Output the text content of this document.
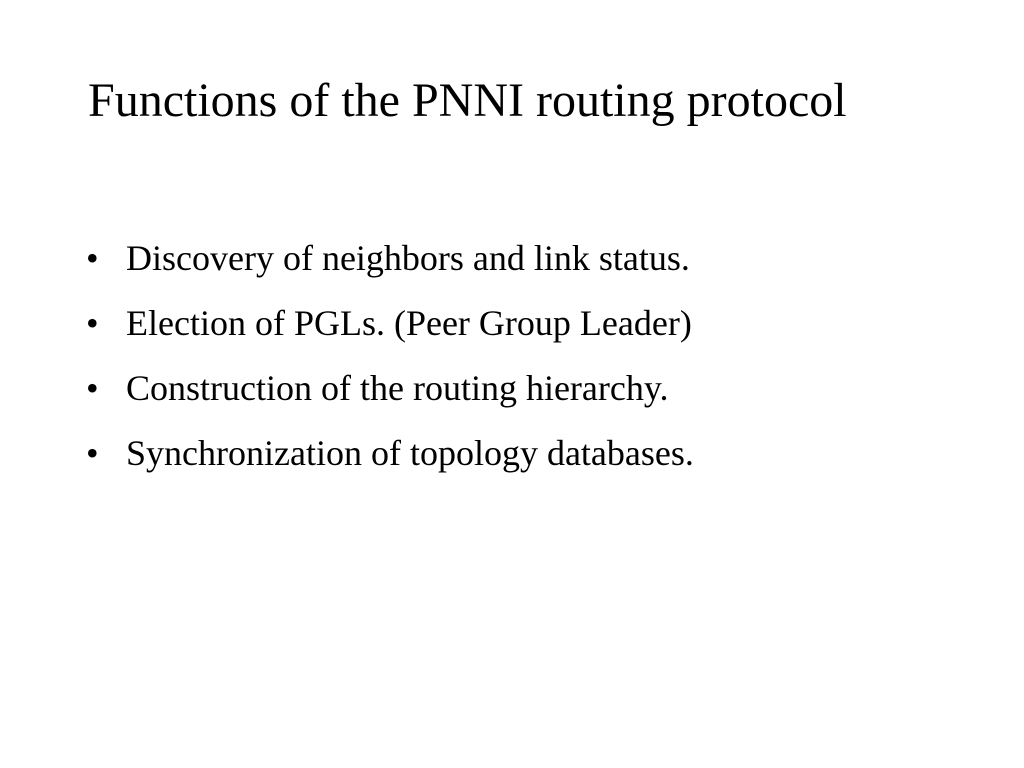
Functions of the PNNI routing protocol
• Discovery of neighbors and link status.
• Election of PGLs. (Peer Group Leader)
• Construction of the routing hierarchy.
• Synchronization of topology databases.
